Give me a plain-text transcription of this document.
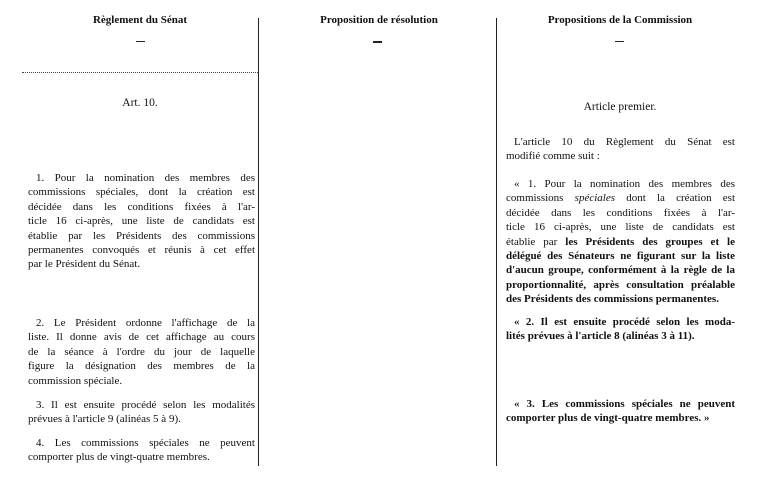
Règlement du Sénat
Art. 10.
Proposition de résolution	Propositions de la Commission
Article premier.
1. Pour la nomination des membres des
commissions spéciales, dont la création est
décidée dans les conditions fixées à l'ar-
ticle 16 ci-après, une liste de candidats est
établie par les Présidents des commissions
permanentes convoqués et réunis à cet effet
par le Président du Sénat.
2. Le Président ordonne l'affichage de la
liste. Il donne avis de cet affichage au cours
de la séance à l'ordre du jour de laquelle
figure la désignation des membres de la
commission spéciale.
3. Il est ensuite procédé selon les modalités
prévues à l'article 9 (alinéas 5 à 9).
4. Les commissions spéciales ne peuvent
comporter plus de vingt-quatre membres.
L'article 10 du Règlement du Sénat est
modifié comme suit :
« 1. Pour la nomination des membres des
commissions spéciales dont la création est
décidée dans les conditions fixées à l'ar-
ticle 16 ci-après, une liste de candidats est
établie par les Présidents des groupes et le
délégué des Sénateurs ne figurant sur la liste
d'aucun groupe, conformément à la règle de la
proportionnalité, après consultation préalable
des Présidents des commissions permanentes.
« 2. Il est ensuite procédé selon les moda-
lités prévues à l'article 8 (alinéas 3 à 11).
« 3. Les commissions spéciales ne peuvent
comporter plus de vingt-quatre membres. »
